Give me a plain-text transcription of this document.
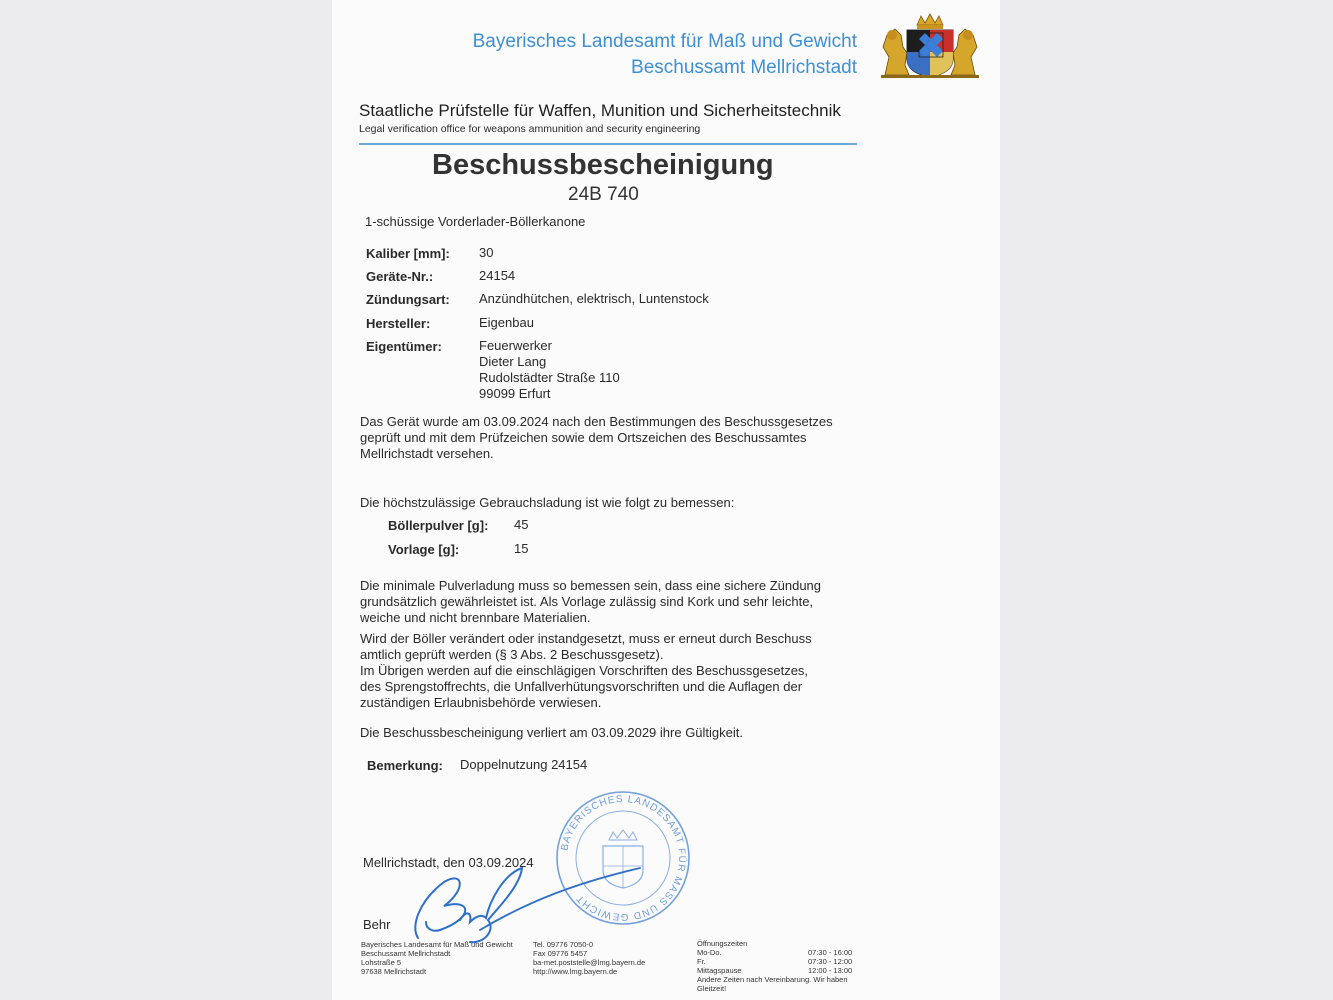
Bayerisches Landesamt für Maß und Gewicht
Beschussamt Mellrichstadt
Staatliche Prüfstelle für Waffen, Munition und Sicherheitstechnik
Legal verification office for weapons ammunition and security engineering
Beschussbescheinigung
24B 740
1-schüssige Vorderlader-Böllerkanone
Kaliber [mm]: 30
Geräte-Nr.:	24154
Zündungsart: Anzündhütchen, elektrisch, Luntenstock
Hersteller:	Eigenbau
Eigentümer:	Feuerwerker
Dieter Lang
Rudolstädter Straße 110
99099 Erfurt
Das Gerät wurde am 03.09.2024 nach den Bestimmungen des Beschussgesetzes
geprüft und mit dem Prüfzeichen sowie dem Ortszeichen des Beschussamtes
Mellrichstadt versehen.
Die höchstzulässige Gebrauchsladung ist wie folgt zu bemessen:
Böllerpulver [g]: 45
Vorlage [g]:	15
Die minimale Pulverladung muss so bemessen sein, dass eine sichere Zündung
grundsätzlich gewährleistet ist. Als Vorlage zulässig sind Kork und sehr leichte,
weiche und nicht brennbare Materialien.
Wird der Böller verändert oder instandgesetzt, muss er erneut durch Beschuss
amtlich geprüft werden (§ 3 Abs. 2 Beschussgesetz).
Im Übrigen werden auf die einschlägigen Vorschriften des Beschussgesetzes,
des Sprengstoffrechts, die Unfallverhütungsvorschriften und die Auflagen der
zuständigen Erlaubnisbehörde verwiesen.
Die Beschussbescheinigung verliert am 03.09.2029 ihre Gültigkeit.
Bemerkung: Doppelnutzung 24154
BAYERISCHES LANDESAMT FÜR MASS UND GEWICHT
Mellrichstadt, den 03.09.2024
Behr
Bayerisches Landesamt für Maß und Gewicht
Beschussamt Mellrichstadt
Lohstraße 5
97638 Mellrichstadt
Tel. 09776 7050-0
Fax 09776 5457
ba-met.poststelle@lmg.bayern.de
http://www.lmg.bayern.de
Öffnungszeiten
Mo-Do.	07:30 - 16:00
Fr.	07:30 - 12:00
Mittagspause	12:00 - 13:00
Andere Zeiten nach Vereinbarung. Wir haben
Gleitzeit!
